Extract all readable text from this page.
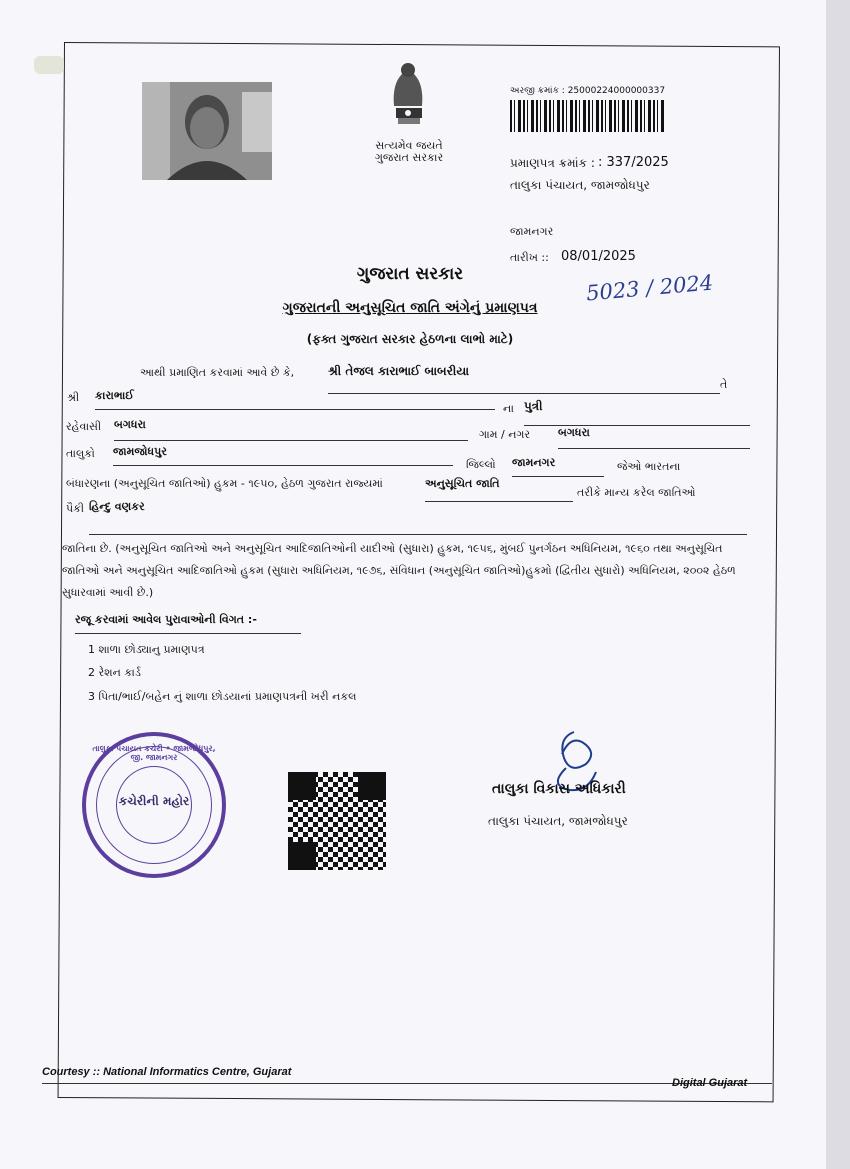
સત્યમેવ જયતે
ગુજરાત સરકાર
અરજી ક્રમાંક : 25000224000000337
પ્રમાણપત્ર ક્રમાંક : : 337/2025
તાલુકા પંચાયત, જામજોધપુર
જામનગર
તારીખ :: 08/01/2025
5023 / 2024
ગુજરાત સરકાર
ગુજરાતની અનુસૂચિત જાતિ અંગેનું પ્રમાણપત્ર
(ફક્ત ગુજરાત સરકાર હેઠળના લાભો માટે)
આથી પ્રમાણિત કરવામાં આવે છે કે,	શ્રી તેજલ કારાભાઈ બાબરીયા
તે
શ્રી કારાભાઈ
ના પુત્રી
રહેવાસી બગધરા
ગામ / નગર	બગધરા
તાલુકો જામજોધપુર
જિલ્લો જામનગર	જેઓ ભારતના
બંધારણના (અનુસૂચિત જાતિઓ) હુકમ - ૧૯૫૦, હેઠળ ગુજરાત રાજ્યમાં	અનુસૂચિત જાતિ
તરીકે માન્ય કરેલ જાતિઓ
પૈકી હિન્દુ વણકર
જાતિના છે. (અનુસૂચિત જાતિઓ અને અનુસૂચિત આદિજાતિઓની યાદીઓ (સુધારા) હુકમ, ૧૯૫૬, મુંબઈ પુનર્ગઠન અધિનિયમ, ૧૯૬૦ તથા અનુસૂચિત જાતિઓ અને અનુસૂચિત આદિજાતિઓ હુકમ (સુધારા અધિનિયમ, ૧૯૭૬, સંવિધાન (અનુસૂચિત જાતિઓ)હુકમો (દ્વિતીય સુધારો) અધિનિયમ, ૨૦૦૨ હેઠળ સુધારવામાં આવી છે.)
રજૂ કરવામાં આવેલ પુરાવાઓની વિગત :-
1 શાળા છોડ્યાનુ પ્રમાણપત્ર
2 રેશન કાર્ડ
3 પિતા/ભાઈ/બહેન નું શાળા છોડયાનાં પ્રમાણપત્રની ખરી નકલ
તાલુકા પંચાયત કચેરી • જામજોધપુર, જી. જામનગર
કચેરીની મહોર
તાલુકા વિકાસ અધિકારી
તાલુકા પંચાયત, જામજોધપુર
Courtesy :: National Informatics Centre, Gujarat
Digital Gujarat
